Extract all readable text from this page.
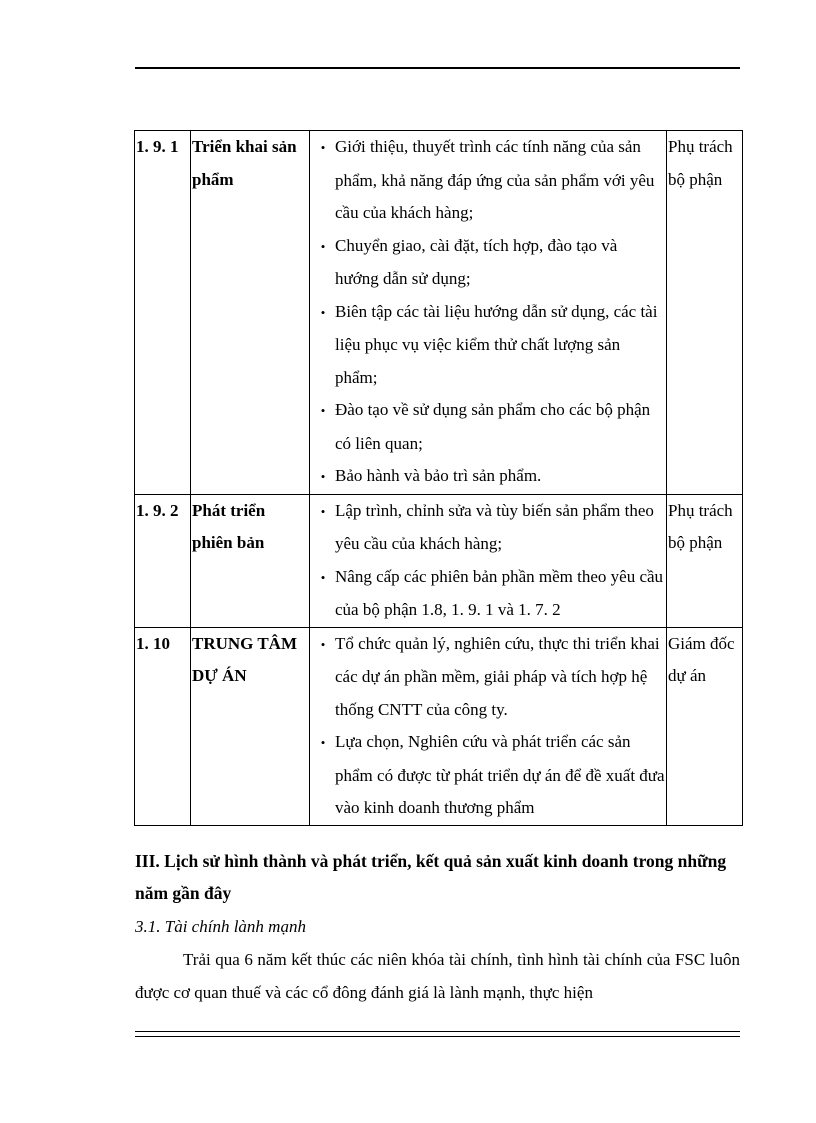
1. 9. 1	Triển khai sản phẩm	• Giới thiệu, thuyết trình các tính năng của sản phẩm, khả năng đáp ứng của sản phẩm với yêu cầu của khách hàng;
• Chuyển giao, cài đặt, tích hợp, đào tạo và hướng dẫn sử dụng;
• Biên tập các tài liệu hướng dẫn sử dụng, các tài liệu phục vụ việc kiểm thử chất lượng sản phẩm;
• Đào tạo về sử dụng sản phẩm cho các bộ phận có liên quan;
• Bảo hành và bảo trì sản phẩm.	Phụ trách bộ phận
1. 9. 2	Phát triển phiên bản	• Lập trình, chỉnh sửa và tùy biến sản phẩm theo yêu cầu của khách hàng;
• Nâng cấp các phiên bản phần mềm theo yêu cầu của bộ phận 1.8, 1. 9. 1 và 1. 7. 2	Phụ trách bộ phận
1. 10	TRUNG TÂM DỰ ÁN	• Tổ chức quản lý, nghiên cứu, thực thi triển khai các dự án phần mềm, giải pháp và tích hợp hệ thống CNTT của công ty.
• Lựa chọn, Nghiên cứu và phát triển các sản phẩm có được từ phát triển dự án để đề xuất đưa vào kinh doanh thương phẩm	Giám đốc dự án

III. Lịch sử hình thành và phát triển, kết quả sản xuất kinh doanh trong những năm gần đây

3.1. Tài chính lành mạnh

Trải qua 6 năm kết thúc các niên khóa tài chính, tình hình tài chính của FSC luôn được cơ quan thuế và các cổ đông đánh giá là lành mạnh, thực hiện
